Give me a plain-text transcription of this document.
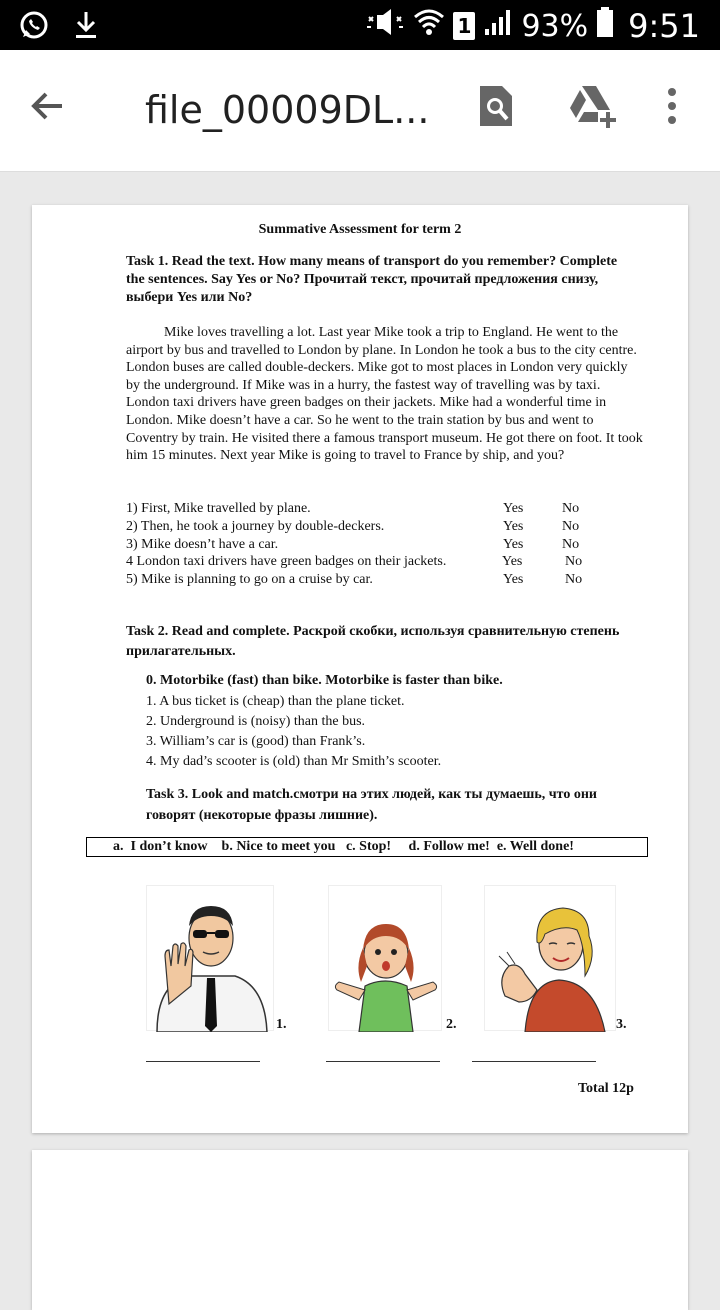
1 93% 9:51
file_00009DL...
Summative Assessment for term 2
Task 1. Read the text. How many means of transport do you remember? Complete the sentences. Say Yes or No? Прочитай текст, прочитай предложения снизу, выбери Yes или No?
Mike loves travelling a lot. Last year Mike took a trip to England. He went to the airport by bus and travelled to London by plane. In London he took a bus to the city centre. London buses are called double-deckers. Mike got to most places in London very quickly by the underground. If Mike was in a hurry, the fastest way of travelling was by taxi. London taxi drivers have green badges on their jackets. Mike had a wonderful time in London. Mike doesn’t have a car. So he went to the train station by bus and went to Coventry by train. He visited there a famous transport museum. He got there on foot. It took him 15 minutes. Next year Mike is going to travel to France by ship, and you?
1) First, Mike travelled by plane.	Yes	No
2) Then, he took a journey by double-deckers.	Yes	No
3) Mike doesn’t have a car.	Yes	No
4 London taxi drivers have green badges on their jackets.	Yes	No
5) Mike is planning to go on a cruise by car.	Yes	No
Task 2. Read and complete. Раскрой скобки, используя сравнительную степень прилагательных.
0. Motorbike (fast) than bike. Motorbike is faster than bike.
1. A bus ticket is (cheap) than the plane ticket.
2. Underground is (noisy) than the bus.
3. William’s car is (good) than Frank’s.
4. My dad’s scooter is (old) than Mr Smith’s scooter.
Task 3. Look and match.смотри на этих людей, как ты думаешь, что они говорят (некоторые фразы лишние).
a.  I don’t know    b. Nice to meet you   c. Stop!     d. Follow me!  e. Well done!
1.	2.	3.
Total 12p
